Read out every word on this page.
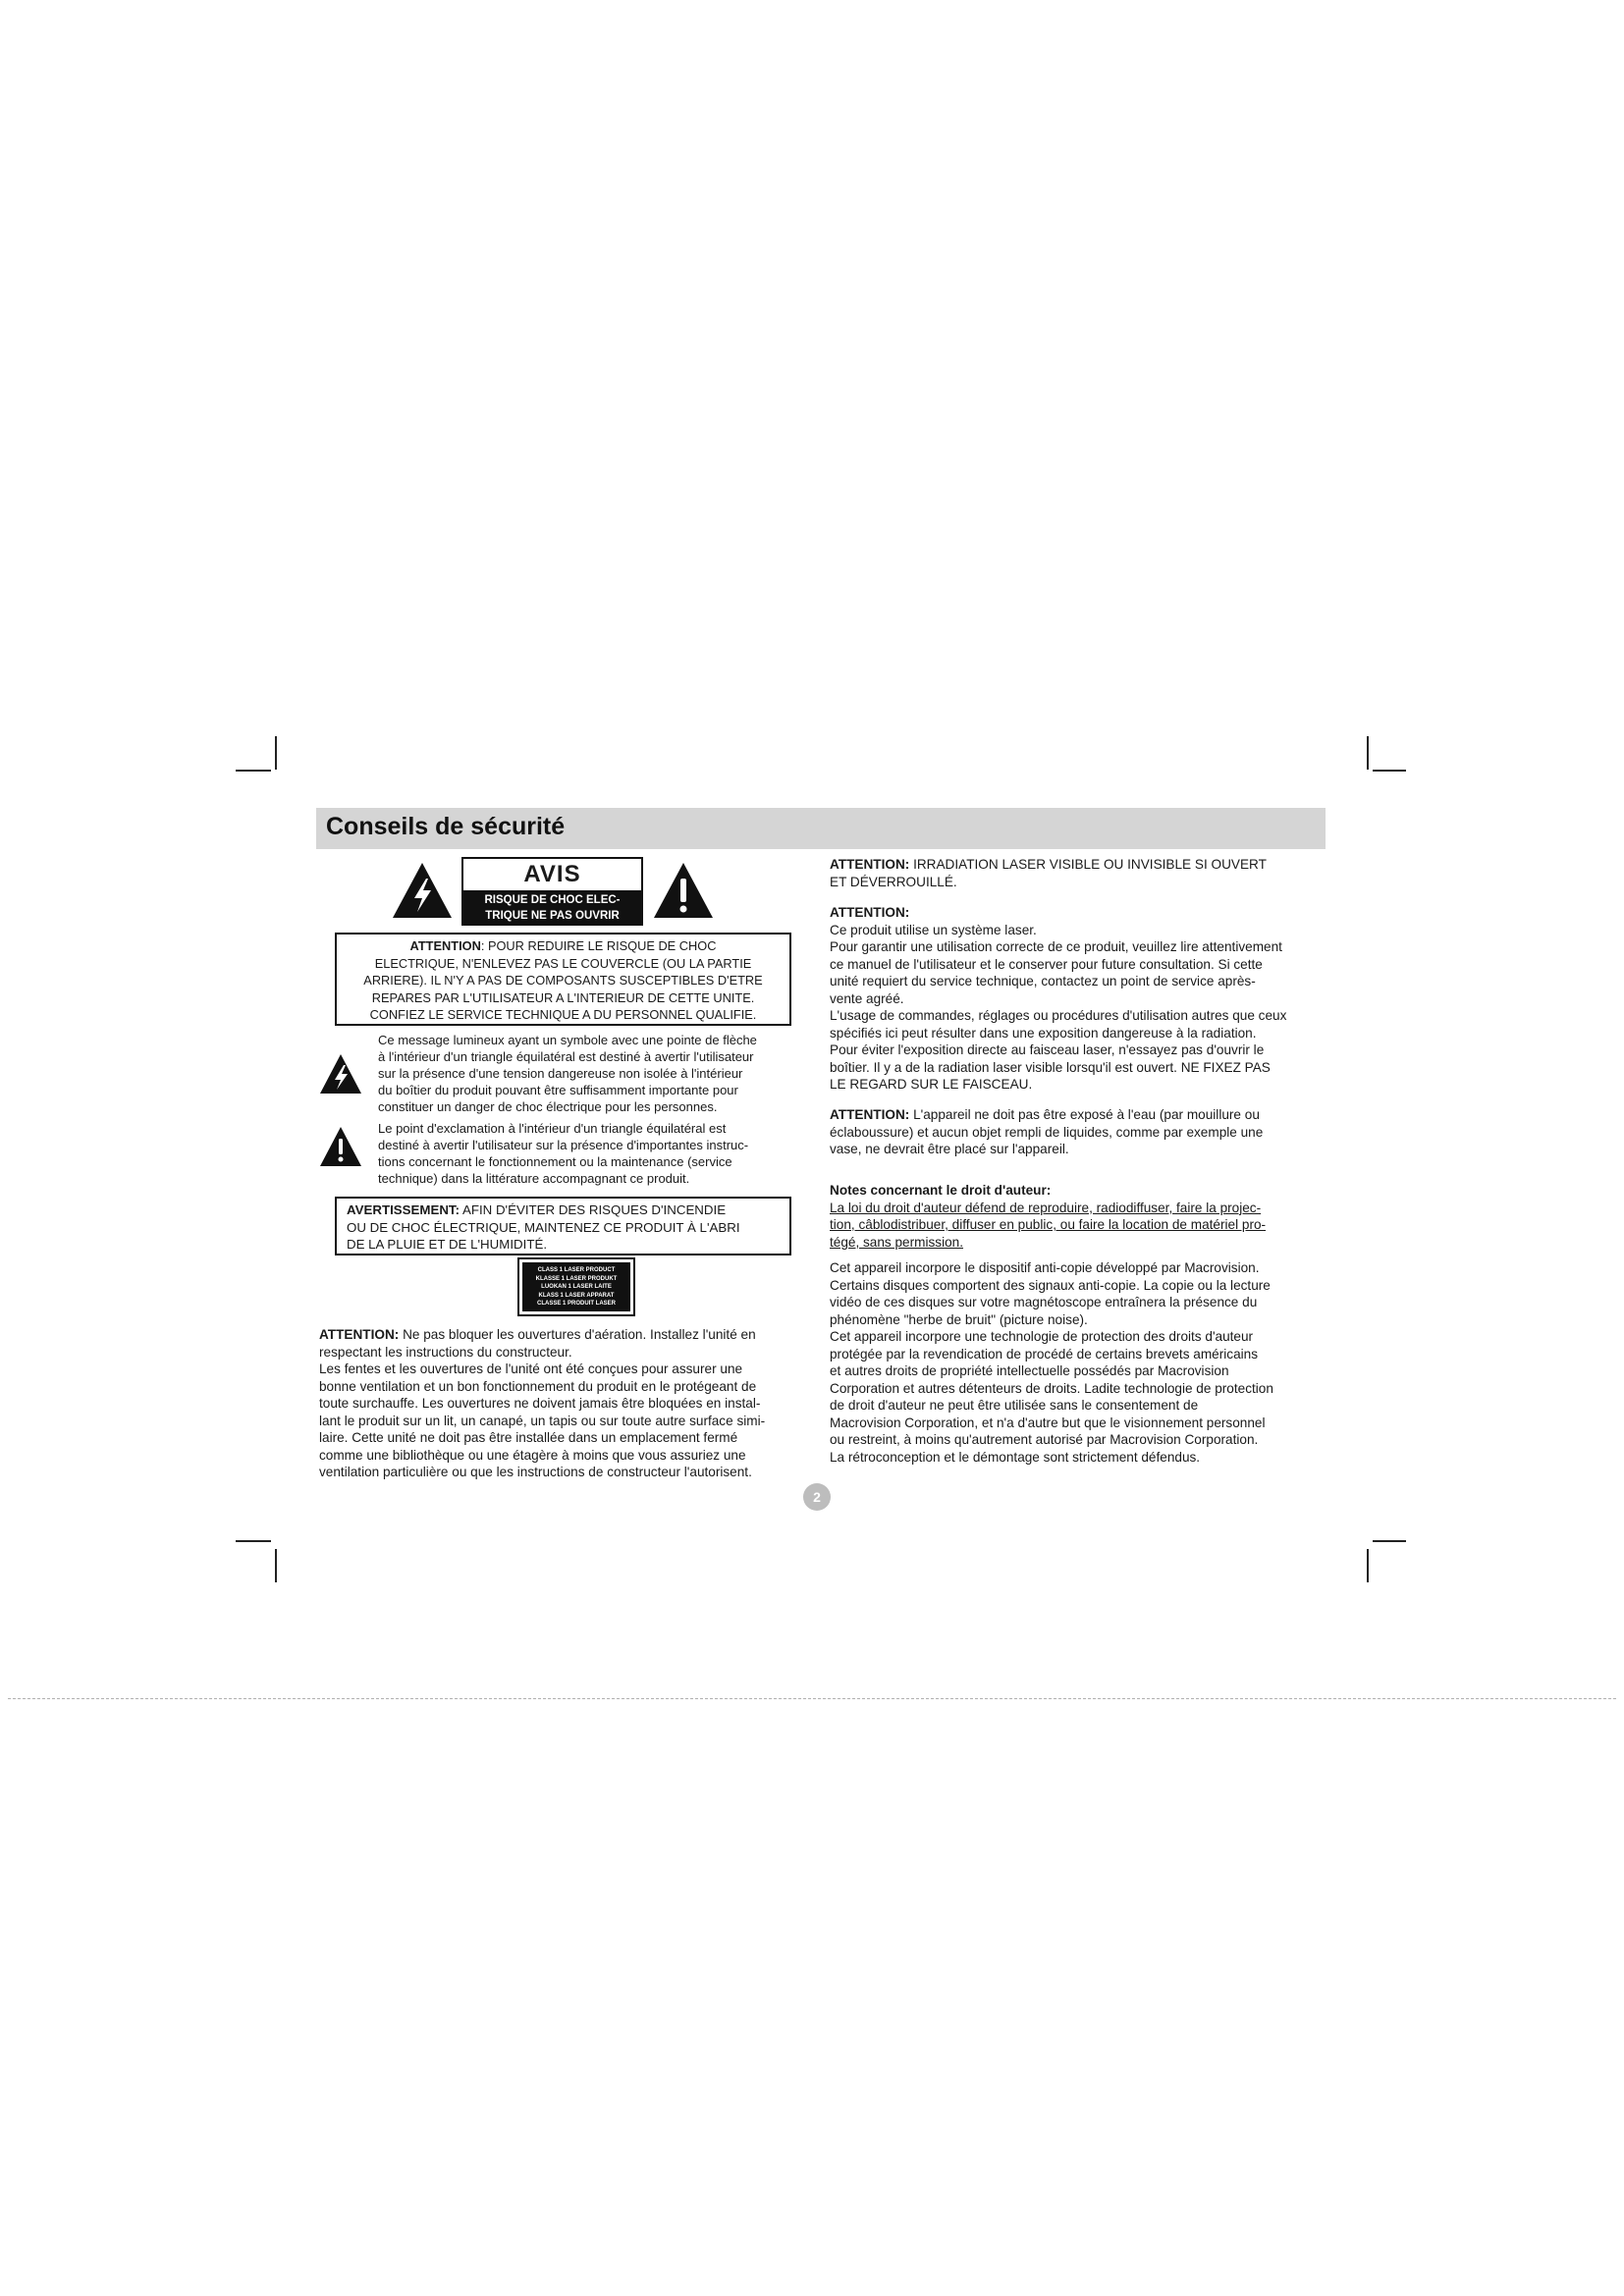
Conseils de sécurité
AVIS
RISQUE DE CHOC ELEC-
TRIQUE NE PAS OUVRIR
ATTENTION: POUR REDUIRE LE RISQUE DE CHOC
ELECTRIQUE, N'ENLEVEZ PAS LE COUVERCLE (OU LA PARTIE
ARRIERE). IL N'Y A PAS DE COMPOSANTS SUSCEPTIBLES D'ETRE
REPARES PAR L'UTILISATEUR A L'INTERIEUR DE CETTE UNITE.
CONFIEZ LE SERVICE TECHNIQUE A DU PERSONNEL QUALIFIE.
Ce message lumineux ayant un symbole avec une pointe de flèche
à l'intérieur d'un triangle équilatéral est destiné à avertir l'utilisateur
sur la présence d'une tension dangereuse non isolée à l'intérieur
du boîtier du produit pouvant être suffisamment importante pour
constituer un danger de choc électrique pour les personnes.
Le point d'exclamation à l'intérieur d'un triangle équilatéral est
destiné à avertir l'utilisateur sur la présence d'importantes instruc-
tions concernant le fonctionnement ou la maintenance (service
technique) dans la littérature accompagnant ce produit.
AVERTISSEMENT: AFIN D'ÉVITER DES RISQUES D'INCENDIE
OU DE CHOC ÉLECTRIQUE, MAINTENEZ CE PRODUIT À L'ABRI
DE LA PLUIE ET DE L'HUMIDITÉ.
CLASS 1 LASER PRODUCT
KLASSE 1 LASER PRODUKT
LUOKAN 1 LASER LAITE
KLASS 1 LASER APPARAT
CLASSE 1 PRODUIT LASER
ATTENTION: Ne pas bloquer les ouvertures d'aération. Installez l'unité en
respectant les instructions du constructeur.
Les fentes et les ouvertures de l'unité ont été conçues pour assurer une
bonne ventilation et un bon fonctionnement du produit en le protégeant de
toute surchauffe. Les ouvertures ne doivent jamais être bloquées en instal-
lant le produit sur un lit, un canapé, un tapis ou sur toute autre surface simi-
laire. Cette unité ne doit pas être installée dans un emplacement fermé
comme une bibliothèque ou une étagère à moins que vous assuriez une
ventilation particulière ou que les instructions de constructeur l'autorisent.
ATTENTION: IRRADIATION LASER VISIBLE OU INVISIBLE SI OUVERT
ET DÉVERROUILLÉ.
ATTENTION:
Ce produit utilise un système laser.
Pour garantir une utilisation correcte de ce produit, veuillez lire attentivement
ce manuel de l'utilisateur et le conserver pour future consultation. Si cette
unité requiert du service technique, contactez un point de service après-
vente agréé.
L'usage de commandes, réglages ou procédures d'utilisation autres que ceux
spécifiés ici peut résulter dans une exposition dangereuse à la radiation.
Pour éviter l'exposition directe au faisceau laser, n'essayez pas d'ouvrir le
boîtier. Il y a de la radiation laser visible lorsqu'il est ouvert. NE FIXEZ PAS
LE REGARD SUR LE FAISCEAU.
ATTENTION: L'appareil ne doit pas être exposé à l'eau (par mouillure ou
éclaboussure) et aucun objet rempli de liquides, comme par exemple une
vase, ne devrait être placé sur l'appareil.
Notes concernant le droit d'auteur:
La loi du droit d'auteur défend de reproduire, radiodiffuser, faire la projec-
tion, câblodistribuer, diffuser en public, ou faire la location de matériel pro-
tégé, sans permission.
Cet appareil incorpore le dispositif anti-copie développé par Macrovision.
Certains disques comportent des signaux anti-copie. La copie ou la lecture
vidéo de ces disques sur votre magnétoscope entraînera la présence du
phénomène "herbe de bruit" (picture noise).
Cet appareil incorpore une technologie de protection des droits d'auteur
protégée par la revendication de procédé de certains brevets américains
et autres droits de propriété intellectuelle possédés par Macrovision
Corporation et autres détenteurs de droits. Ladite technologie de protection
de droit d'auteur ne peut être utilisée sans le consentement de
Macrovision Corporation, et n'a d'autre but que le visionnement personnel
ou restreint, à moins qu'autrement autorisé par Macrovision Corporation.
La rétroconception et le démontage sont strictement défendus.
2
